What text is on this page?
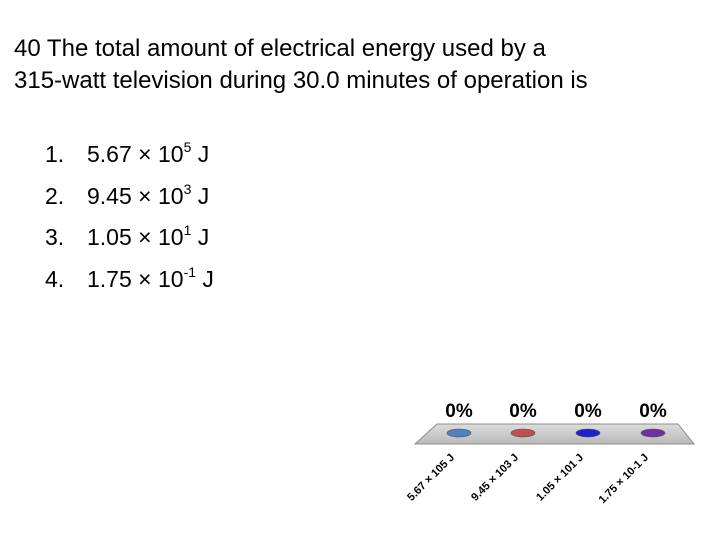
40 The total amount of electrical energy used by a
315-watt television during 30.0 minutes of operation is

1. $5.67 \times 10^5$ J
2. $9.45 \times 10^3$ J
3. $1.05 \times 10^1$ J
4. $1.75 \times 10^{-1}$ J
0%
5.67 × 105 J
0%
9.45 × 103 J
0%
1.05 × 101 J
0%
1.75 × 10-1 J
